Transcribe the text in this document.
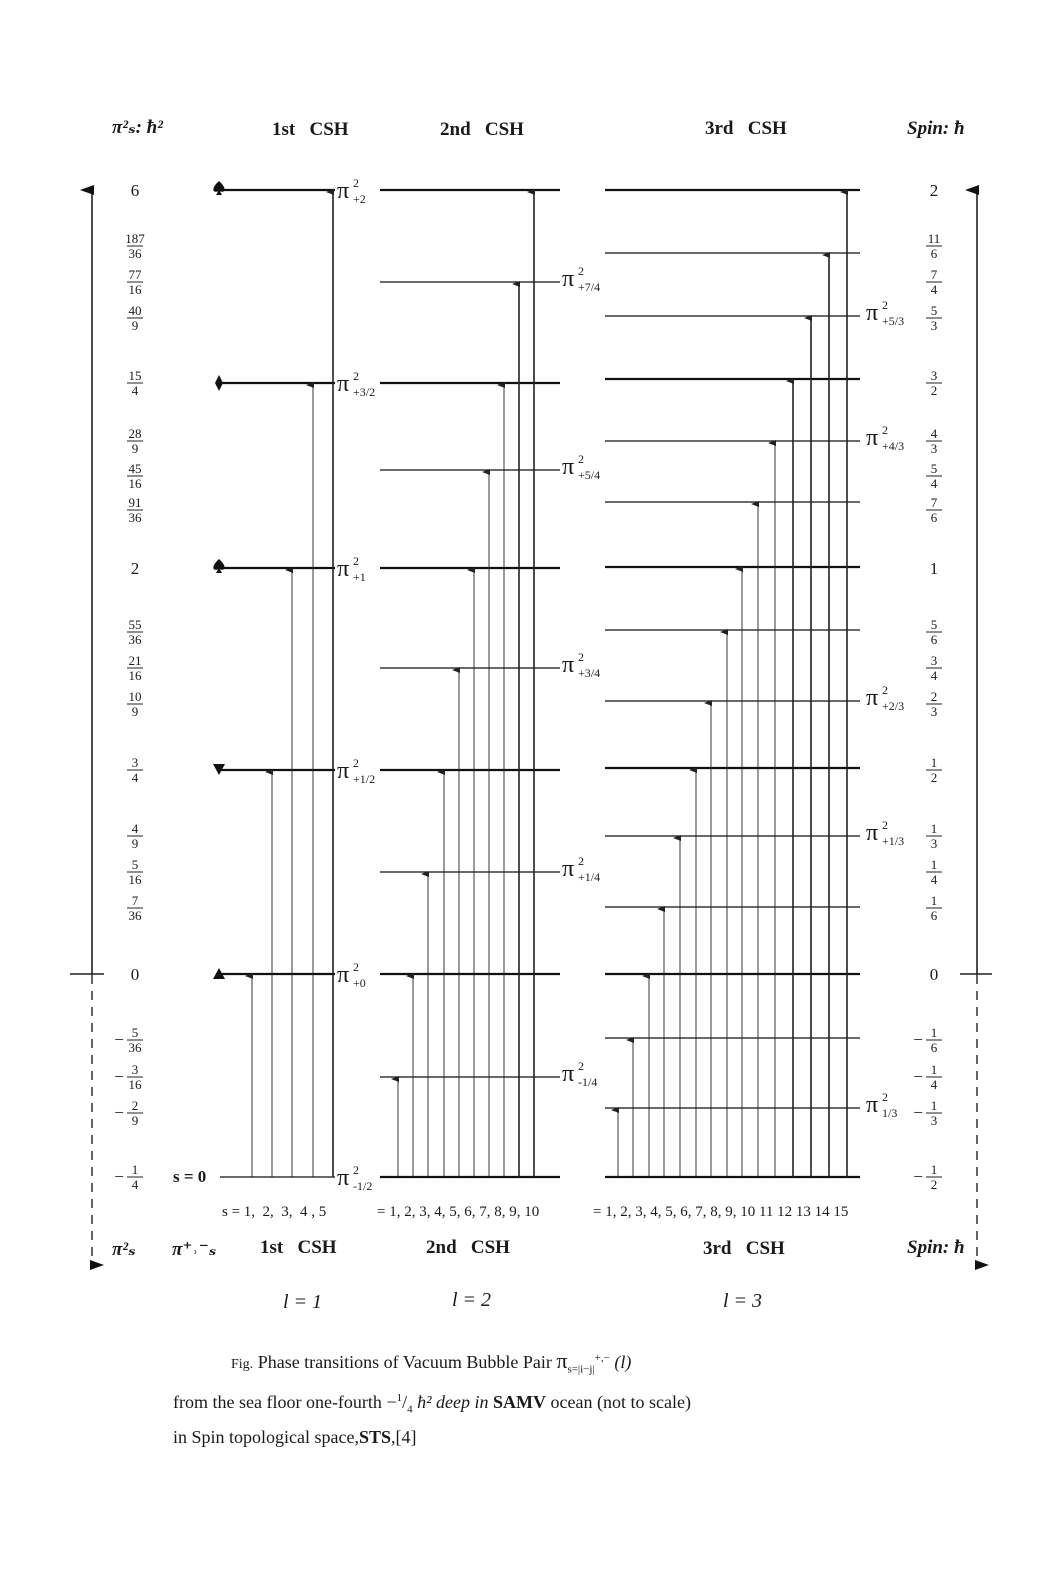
π²ₛ: ħ²	1st   CSH	2nd   CSH	3rd   CSH	Spin: ħ
6
187
36
77
16
40
9
15
4
28
9
45
16
91
36
2
55
36
21
16
10
9
3
4
4
9
5
16
7
36
0
− 5
36
− 3
16
− 2
9
− 1
4
2
11
6
7
4
5
3
3
2
4
3
5
4
7
6
1
5
6
3
4
2
3
1
2
1
3
1
4
1
6
0
− 1
6
− 1
4
− 1
3
− 1
2
π 2
+2
π 2
+3/2
π 2
+1
π 2
+1/2
π 2
+0
π 2
-1/2
π 2
+7/4
π 2
+5/4
π 2
+3/4
π 2
+1/4
π 2
-1/4
π 2
+5/3
π 2
+4/3
π 2
+2/3
π 2
+1/3
π 2
1/3
s = 0
s = 1,  2,  3,  4 , 5	= 1, 2, 3, 4, 5, 6, 7, 8, 9, 10	= 1, 2, 3, 4, 5, 6, 7, 8, 9, 10 11 12 13 14 15
π²ₛ π⁺˒⁻ₛ 1st   CSH	2nd   CSH	3rd   CSH	Spin: ħ
l = 1	l = 2	l = 3
Fig. Phase transitions of Vacuum Bubble Pair $\pi_{s=|i-j|}^{+,-}$ (l)
from the sea floor one-fourth $-^1/_4$ ħ² deep in SAMV ocean (not to scale)
in Spin topological space,STS,[4]
